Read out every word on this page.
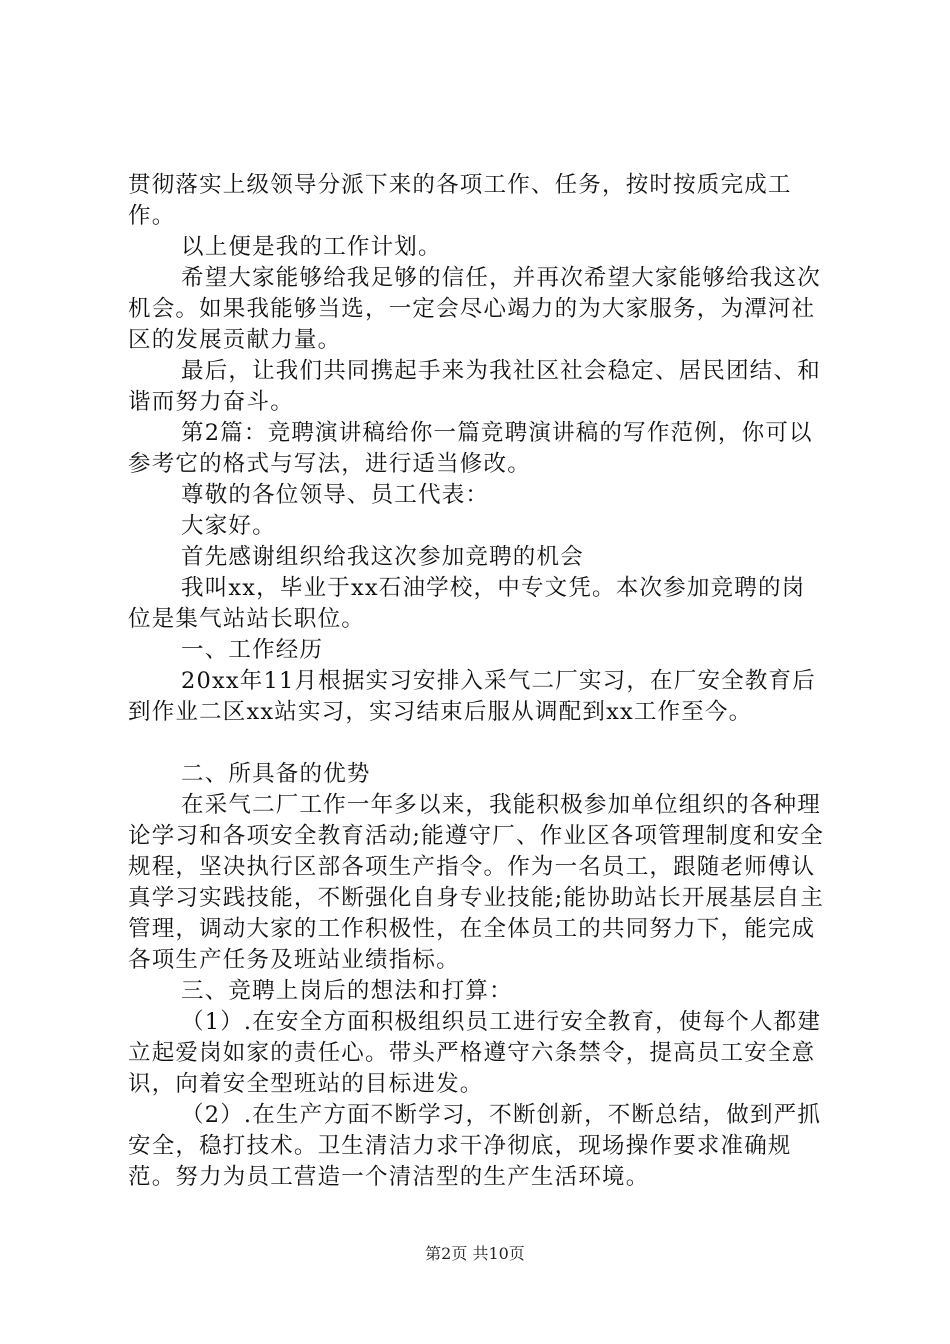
贯彻落实上级领导分派下来的各项工作、任务，按时按质完成工作。

以上便是我的工作计划。

希望大家能够给我足够的信任，并再次希望大家能够给我这次机会。如果我能够当选，一定会尽心竭力的为大家服务，为潭河社区的发展贡献力量。

最后，让我们共同携起手来为我社区社会稳定、居民团结、和谐而努力奋斗。

第2篇：竞聘演讲稿给你一篇竞聘演讲稿的写作范例，你可以参考它的格式与写法，进行适当修改。

尊敬的各位领导、员工代表：

大家好。

首先感谢组织给我这次参加竞聘的机会

我叫xx，毕业于xx石油学校，中专文凭。本次参加竞聘的岗位是集气站站长职位。

一、工作经历

20xx年11月根据实习安排入采气二厂实习，在厂安全教育后到作业二区xx站实习，实习结束后服从调配到xx工作至今。

二、所具备的优势

在采气二厂工作一年多以来，我能积极参加单位组织的各种理论学习和各项安全教育活动;能遵守厂、作业区各项管理制度和安全规程，坚决执行区部各项生产指令。作为一名员工，跟随老师傅认真学习实践技能，不断强化自身专业技能;能协助站长开展基层自主管理，调动大家的工作积极性，在全体员工的共同努力下，能完成各项生产任务及班站业绩指标。

三、竞聘上岗后的想法和打算：

（1）.在安全方面积极组织员工进行安全教育，使每个人都建立起爱岗如家的责任心。带头严格遵守六条禁令，提高员工安全意识，向着安全型班站的目标进发。

（2）.在生产方面不断学习，不断创新，不断总结，做到严抓安全，稳打技术。卫生清洁力求干净彻底，现场操作要求准确规范。努力为员工营造一个清洁型的生产生活环境。

第2页 共10页
